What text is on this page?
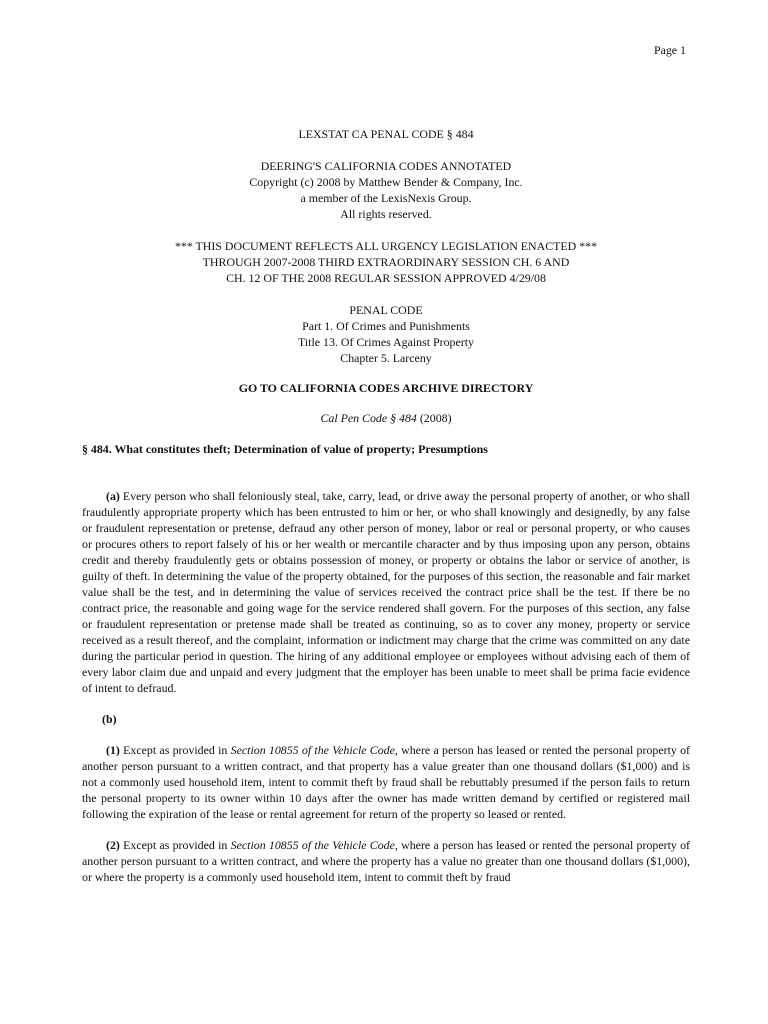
Page 1
LEXSTAT CA PENAL CODE § 484
DEERING'S CALIFORNIA CODES ANNOTATED
Copyright (c) 2008 by Matthew Bender & Company, Inc.
a member of the LexisNexis Group.
All rights reserved.
*** THIS DOCUMENT REFLECTS ALL URGENCY LEGISLATION ENACTED ***
THROUGH 2007-2008 THIRD EXTRAORDINARY SESSION CH. 6 AND
CH. 12 OF THE 2008 REGULAR SESSION APPROVED 4/29/08
PENAL CODE
Part 1. Of Crimes and Punishments
Title 13. Of Crimes Against Property
Chapter 5. Larceny
GO TO CALIFORNIA CODES ARCHIVE DIRECTORY
Cal Pen Code § 484 (2008)
§ 484. What constitutes theft; Determination of value of property; Presumptions

(a) Every person who shall feloniously steal, take, carry, lead, or drive away the personal property of another, or who shall fraudulently appropriate property which has been entrusted to him or her, or who shall knowingly and designedly, by any false or fraudulent representation or pretense, defraud any other person of money, labor or real or personal property, or who causes or procures others to report falsely of his or her wealth or mercantile character and by thus imposing upon any person, obtains credit and thereby fraudulently gets or obtains possession of money, or property or obtains the labor or service of another, is guilty of theft. In determining the value of the property obtained, for the purposes of this section, the reasonable and fair market value shall be the test, and in determining the value of services received the contract price shall be the test. If there be no contract price, the reasonable and going wage for the service rendered shall govern. For the purposes of this section, any false or fraudulent representation or pretense made shall be treated as continuing, so as to cover any money, property or service received as a result thereof, and the complaint, information or indictment may charge that the crime was committed on any date during the particular period in question. The hiring of any additional employee or employees without advising each of them of every labor claim due and unpaid and every judgment that the employer has been unable to meet shall be prima facie evidence of intent to defraud.

(b)

(1) Except as provided in Section 10855 of the Vehicle Code, where a person has leased or rented the personal property of another person pursuant to a written contract, and that property has a value greater than one thousand dollars ($1,000) and is not a commonly used household item, intent to commit theft by fraud shall be rebuttably presumed if the person fails to return the personal property to its owner within 10 days after the owner has made written demand by certified or registered mail following the expiration of the lease or rental agreement for return of the property so leased or rented.

(2) Except as provided in Section 10855 of the Vehicle Code, where a person has leased or rented the personal property of another person pursuant to a written contract, and where the property has a value no greater than one thousand dollars ($1,000), or where the property is a commonly used household item, intent to commit theft by fraud
